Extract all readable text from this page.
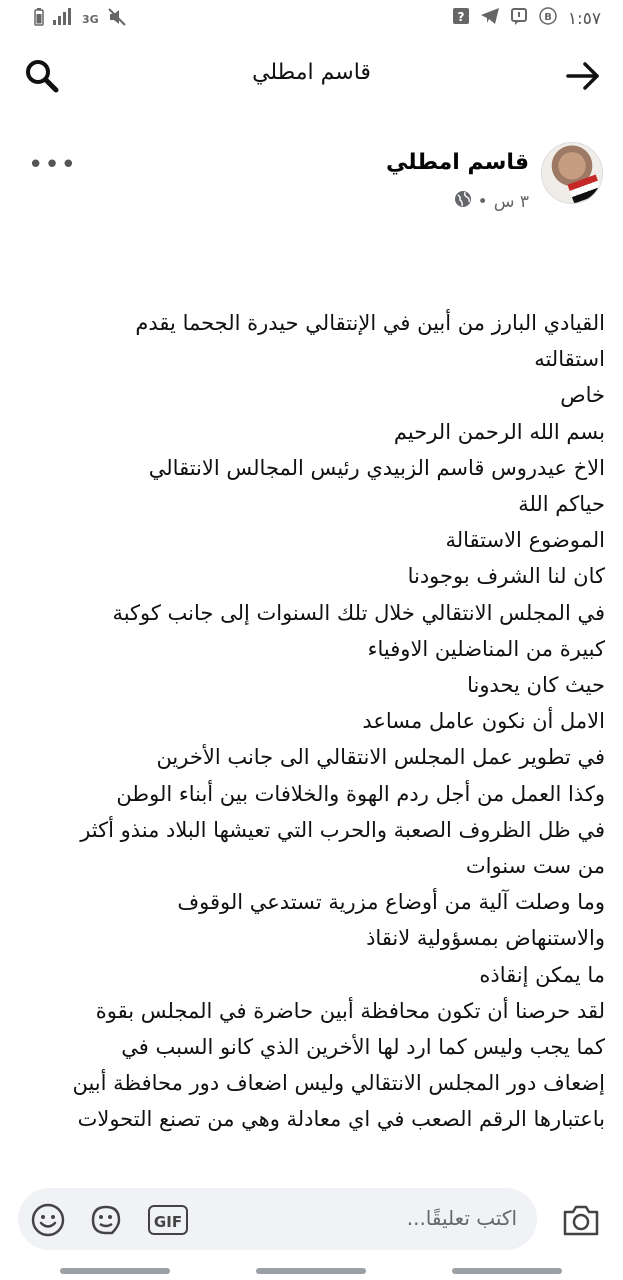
3G	?	B ١:٥٧
قاسم امطلي
•••	قاسم امطلي
٣ س
•
القيادي البارز من أبين في الإنتقالي حيدرة الجحما يقدم
استقالته
خاص
بسم الله الرحمن الرحيم
الاخ عيدروس قاسم الزبيدي رئيس المجالس الانتقالي
حياكم اللة
الموضوع الاستقالة
كان لنا الشرف بوجودنا
في المجلس الانتقالي خلال تلك السنوات إلى جانب كوكبة
كبيرة من المناضلين الاوفياء
حيث كان يحدونا
الامل أن نكون عامل مساعد
في تطوير عمل المجلس الانتقالي الى جانب الأخرين
وكذا العمل من أجل ردم الهوة والخلافات بين أبناء الوطن
في ظل الظروف الصعبة والحرب التي تعيشها البلاد منذو أكثر
من ست سنوات
وما وصلت آلية من أوضاع مزرية تستدعي الوقوف
والاستنهاض بمسؤولية لانقاذ
ما يمكن إنقاذه
لقد حرصنا أن تكون محافظة أبين حاضرة في المجلس بقوة
كما يجب وليس كما ارد لها الأخرين الذي كانو السبب في
إضعاف دور المجلس الانتقالي وليس اضعاف دور محافظة أبين
باعتبارها الرقم الصعب في اي معادلة وهي من تصنع التحولات
GIF	اكتب تعليقًا...
